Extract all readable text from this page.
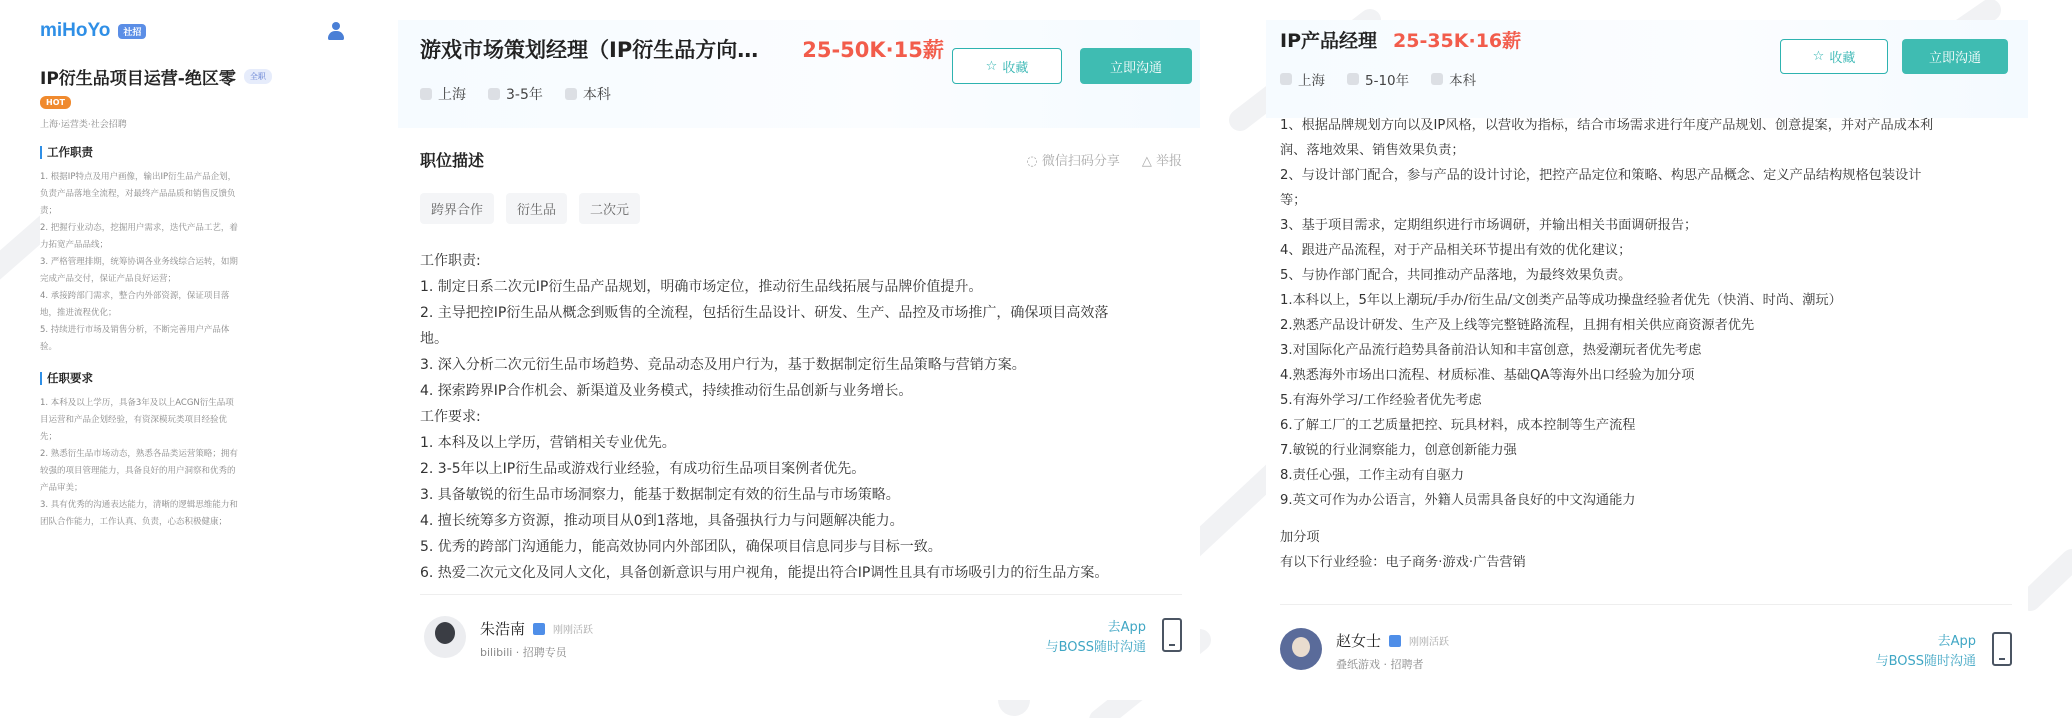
miHoYo	社招
IP衍生品项目运营-绝区零	全职
HOT
上海·运营类·社会招聘
工作职责
1. 根据IP特点及用户画像，输出IP衍生品产品企划，
负责产品落地全流程，对最终产品品质和销售反馈负
责；
2. 把握行业动态，挖掘用户需求，迭代产品工艺，着
力拓宽产品品线；
3. 严格管理排期，统筹协调各业务线综合运转，如期
完成产品交付，保证产品良好运营；
4. 承接跨部门需求，整合内外部资源，保证项目落
地，推进流程优化；
5. 持续进行市场及销售分析，不断完善用户产品体
验。
任职要求
1. 本科及以上学历，具备3年及以上ACGN衍生品项
目运营和产品企划经验，有资深模玩类项目经验优
先；
2. 熟悉衍生品市场动态，熟悉各品类运营策略；拥有
较强的项目管理能力，具备良好的用户洞察和优秀的
产品审美；
3. 具有优秀的沟通表达能力，清晰的逻辑思维能力和
团队合作能力，工作认真、负责，心态积极健康；
游戏市场策划经理（IP衍生品方向… 25-50K·15薪
☆ 收藏	立即沟通
上海	3-5年	本科
职位描述	◌ 微信扫码分享 △ 举报
跨界合作	衍生品	二次元
工作职责:
1. 制定日系二次元IP衍生品产品规划，明确市场定位，推动衍生品线拓展与品牌价值提升。
2. 主导把控IP衍生品从概念到贩售的全流程，包括衍生品设计、研发、生产、品控及市场推广，确保项目高效落
地。
3. 深入分析二次元衍生品市场趋势、竞品动态及用户行为，基于数据制定衍生品策略与营销方案。
4. 探索跨界IP合作机会、新渠道及业务模式，持续推动衍生品创新与业务增长。
工作要求:
1. 本科及以上学历，营销相关专业优先。
2. 3-5年以上IP衍生品或游戏行业经验，有成功衍生品项目案例者优先。
3. 具备敏锐的衍生品市场洞察力，能基于数据制定有效的衍生品与市场策略。
4. 擅长统筹多方资源，推动项目从0到1落地，具备强执行力与问题解决能力。
5. 优秀的跨部门沟通能力，能高效协同内外部团队，确保项目信息同步与目标一致。
6. 热爱二次元文化及同人文化，具备创新意识与用户视角，能提出符合IP调性且具有市场吸引力的衍生品方案。
朱浩南	刚刚活跃
bilibili · 招聘专员
去App
与BOSS随时沟通
IP产品经理 25-35K·16薪
☆ 收藏	立即沟通
上海	5-10年	本科
1、根据品牌规划方向以及IP风格，以营收为指标，结合市场需求进行年度产品规划、创意提案，并对产品成本利
润、落地效果、销售效果负责；
2、与设计部门配合，参与产品的设计讨论，把控产品定位和策略、构思产品概念、定义产品结构规格包装设计
等；
3、基于项目需求，定期组织进行市场调研，并输出相关书面调研报告；
4、跟进产品流程，对于产品相关环节提出有效的优化建议；
5、与协作部门配合，共同推动产品落地，为最终效果负责。
1.本科以上，5年以上潮玩/手办/衍生品/文创类产品等成功操盘经验者优先（快消、时尚、潮玩）
2.熟悉产品设计研发、生产及上线等完整链路流程，且拥有相关供应商资源者优先
3.对国际化产品流行趋势具备前沿认知和丰富创意，热爱潮玩者优先考虑
4.熟悉海外市场出口流程、材质标准、基础QA等海外出口经验为加分项
5.有海外学习/工作经验者优先考虑
6.了解工厂的工艺质量把控、玩具材料，成本控制等生产流程
7.敏锐的行业洞察能力，创意创新能力强
8.责任心强，工作主动有自驱力
9.英文可作为办公语言，外籍人员需具备良好的中文沟通能力
加分项
有以下行业经验：电子商务·游戏·广告营销
赵女士	刚刚活跃
叠纸游戏 · 招聘者
去App
与BOSS随时沟通
